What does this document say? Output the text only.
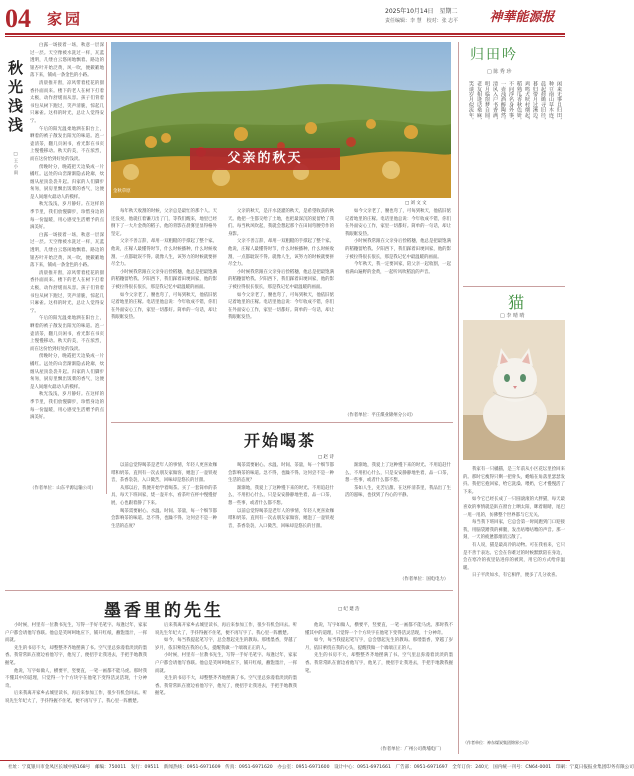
04 家园	2025年10月14日　星期二
责任编辑：李 慧　校对：张 志平	神華能源报
秋光浅浅
□ 王 小 雨

白露一场接着一场，秋意一层深过一层。天空像被水洗过一样，瓦蓝透明，几缕白云悠闲地飘着。路边的银杏叶开始泛黄，风一吹，便簌簌地落下来，铺成一条金色的小路。

清晨推开窗，凉风带着桂花的甜香扑面而来。楼下的老人在树下打着太极，动作舒缓而从容。孩子们背着书包从树下跑过，笑声清脆，惊起几只麻雀。这样的时光，总让人觉得安宁。

午后的阳光温柔地洒在阳台上，晒着的被子散发出阳光的味道。泡一壶清茶，翻几页闲书，看光影在书页上慢慢移动。秋天的美，不在浓烈，而在这份恰到好处的浅淡。

傍晚时分，晚霞把天边染成一片橘红。远处的山峦渐渐隐去轮廓，炊烟从屋顶袅袅升起。归家的人们脚步匆匆，厨房里飘出饭菜的香气，这便是人间烟火最动人的模样。

秋光浅浅，岁月静好。在这样的季节里，我们放慢脚步，珍惜身边的每一份温暖，用心感受生活赠予的点滴美好。

白露一场接着一场，秋意一层深过一层。天空像被水洗过一样，瓦蓝透明，几缕白云悠闲地飘着。路边的银杏叶开始泛黄，风一吹，便簌簌地落下来，铺成一条金色的小路。

清晨推开窗，凉风带着桂花的甜香扑面而来。楼下的老人在树下打着太极，动作舒缓而从容。孩子们背着书包从树下跑过，笑声清脆，惊起几只麻雀。这样的时光，总让人觉得安宁。

午后的阳光温柔地洒在阳台上，晒着的被子散发出阳光的味道。泡一壶清茶，翻几页闲书，看光影在书页上慢慢移动。秋天的美，不在浓烈，而在这份恰到好处的浅淡。

傍晚时分，晚霞把天边染成一片橘红。远处的山峦渐渐隐去轮廓，炊烟从屋顶袅袅升起。归家的人们脚步匆匆，厨房里飘出饭菜的香气，这便是人间烟火最动人的模样。

秋光浅浅，岁月静好。在这样的季节里，我们放慢脚步，珍惜身边的每一份温暖，用心感受生活赠予的点滴美好。

（作者单位：山东平源运输公司）
父亲的秋天
金秋草原
□ 刘 文 文

每年秋天收割的时候，父亲总是最忙的那个人。天还没亮，他就扛着镰刀出了门，等我们醒来，地里已经倒下了一大片金黄的稻子。他的背影在晨雾里显得格外坚定。

父亲不善言辞，却用一双粗糙的手撑起了整个家。他说，庄稼人最懂得时节，什么时候播种，什么时候收割，一点都耽误不得。就像人生，该努力的时候就要拼尽全力。

小时候我常跟在父亲身后捡稻穗，他总是把最饱满的稻穗留给我。夕阳西下，我们踩着田埂回家，他的影子被拉得很长很长，那是我记忆中最温暖的画面。

如今父亲老了，腰也弯了，可每到秋天，他依旧惦记着地里的庄稼。电话里他总说：今年收成不错，你们在外面安心工作，家里一切都好。简单的一句话，却让我眼眶发热。

父亲的秋天，是汗水浇灌的秋天，是希望收获的秋天。他把一生都交给了土地，也把最深沉的爱留给了我们。每当秋风吹起，我就会想起那个在田间弯腰劳作的身影。

父亲不善言辞，却用一双粗糙的手撑起了整个家。他说，庄稼人最懂得时节，什么时候播种，什么时候收割，一点都耽误不得。就像人生，该努力的时候就要拼尽全力。

小时候我常跟在父亲身后捡稻穗，他总是把最饱满的稻穗留给我。夕阳西下，我们踩着田埂回家，他的影子被拉得很长很长，那是我记忆中最温暖的画面。

如今父亲老了，腰也弯了，可每到秋天，他依旧惦记着地里的庄稼。电话里他总说：今年收成不错，你们在外面安心工作，家里一切都好。简单的一句话，却让我眼眶发热。

如今父亲老了，腰也弯了，可每到秋天，他依旧惦记着地里的庄稼。电话里他总说：今年收成不错，你们在外面安心工作，家里一切都好。简单的一句话，却让我眼眶发热。

小时候我常跟在父亲身后捡稻穗，他总是把最饱满的稻穗留给我。夕阳西下，我们踩着田埂回家，他的影子被拉得很长很长，那是我记忆中最温暖的画面。

今年秋天，我一定要回家，陪父亲一起收割，一起看满山遍野的金黄，一起听风吹稻浪的声音。

（作者单位：平庄煤业锦州分公司）
开始喝茶
□ 赵 诗

以前总觉得喝茶是老年人的事情，年轻人更喜欢咖啡和奶茶。直到有一次去朋友家做客，她泡了一壶铁观音，茶香袅袅，入口微苦，回味却是悠长的甘甜。

从那以后，我便开始学着喝茶。买了一套简单的茶具，每天下班回家，烧一壶开水，看茶叶在杯中慢慢舒展，心也跟着静了下来。

喝茶需要耐心。水温、时间、茶量，每一个细节都会影响茶的味道。急不得，也躁不得。这何尝不是一种生活的态度？

喝茶需要耐心。水温、时间、茶量，每一个细节都会影响茶的味道。急不得，也躁不得。这何尝不是一种生活的态度？

渐渐地，我爱上了这种慢下来的时光。不用追赶什么，不用担心什么，只是安安静静地坐着，品一口茶，想一些事，或者什么都不想。

以前总觉得喝茶是老年人的事情，年轻人更喜欢咖啡和奶茶。直到有一次去朋友家做客，她泡了一壶铁观音，茶香袅袅，入口微苦，回味却是悠长的甘甜。

渐渐地，我爱上了这种慢下来的时光。不用追赶什么，不用担心什么，只是安安静静地坐着，品一口茶，想一些事，或者什么都不想。

茶如人生，先苦后甜。在这杯清茶里，我品出了生活的滋味，也找到了内心的平静。

（作者单位：国电电力）
墨香里的先生	□ 纪 建 浩

小时候，村里有一位教书先生，写得一手好毛笔字。每逢过年，家家户户都会请他写春联。他总是笑呵呵地应下，铺开红纸，蘸饱墨汁，一挥而就。

先生的书房不大，却整整齐齐地摆满了书。空气里总弥漫着淡淡的墨香。我常常趴在窗边看他写字，他见了，便招手让我进去，手把手地教我握笔。

他说，写字如做人，横要平，竖要直，一笔一画都不能马虎。那时我不懂其中的道理，只觉得一个个方块字在他笔下变得活灵活现，十分神奇。

后来我离开家乡去城里读书，再后来参加工作，很少有机会回去。听说先生年纪大了，手抖得握不住笔，便不再写字了。我心里一阵酸楚。

后来我离开家乡去城里读书，再后来参加工作，很少有机会回去。听说先生年纪大了，手抖得握不住笔，便不再写字了。我心里一阵酸楚。

如今，每当我提起笔写字，总会想起先生的教诲。那缕墨香，穿越了岁月，依旧萦绕在我的心头，提醒我做一个端端正正的人。

小时候，村里有一位教书先生，写得一手好毛笔字。每逢过年，家家户户都会请他写春联。他总是笑呵呵地应下，铺开红纸，蘸饱墨汁，一挥而就。

先生的书房不大，却整整齐齐地摆满了书。空气里总弥漫着淡淡的墨香。我常常趴在窗边看他写字，他见了，便招手让我进去，手把手地教我握笔。

他说，写字如做人，横要平，竖要直，一笔一画都不能马虎。那时我不懂其中的道理，只觉得一个个方块字在他笔下变得活灵活现，十分神奇。

如今，每当我提起笔写字，总会想起先生的教诲。那缕墨香，穿越了岁月，依旧萦绕在我的心头，提醒我做一个端端正正的人。

先生的书房不大，却整整齐齐地摆满了书。空气里总弥漫着淡淡的墨香。我常常趴在窗边看他写字，他见了，便招手让我进去，手把手地教我握笔。

（作者单位：广州公司黄埔电厂）
归田吟
□ 陈 秀 珍
闲来无事且归田，
种豆南山草木连。
晨起荷锄寻旧径，
暮归带月过溪边。
鸡鸣犬吠村烟起，
稻熟瓜香秋色妍。
不问浮名身外事，
一壶浊酒醉陶然。
清风入户书香满，
明月临窗梦自圆。
老友相逢话桑麻，
笑谈岁月似流年。
猫
□ 李 晴 晴

我家有一只橘猫，是三年前从小区花坛里捡回来的。那时它瘦得只剩一把骨头，蜷缩在角落里瑟瑟发抖。我把它抱回家，给它洗澡、喂奶，它才慢慢活了下来。

如今它已经长成了一只圆滚滚的大胖猫，每天最喜欢的事情就是趴在窗台上晒太阳，眯着眼睛，尾巴一甩一甩的，仿佛整个世界都与它无关。

每当我下班回家，它总会第一时间跑到门口迎接我，用脑袋蹭我的裤腿，发出咕噜咕噜的声音。那一刻，一天的疲惫都烟消云散了。

有人说，猫是最高冷的动物。可在我看来，它只是不善于表达。它会在你难过的时候默默陪在身边，会在寒冷的夜里钻进你的被窝，用它的方式给你温暖。

日子平淡如水，有它相伴，便多了几分欢喜。

（作者单位：神东煤炭集团锦界公司）
社址：宁夏银川市金凤区长城中路168号　邮编：750011　发行：09511　新闻热线：0951-6971609　传真：0951-6971620　办公室：0951-6971600　设计中心：0951-6971661　广告部：0951-6971697　全年订价：240元　国内统一刊号：CN64-0001　印刷：宁夏日报报业集团印务有限公司
